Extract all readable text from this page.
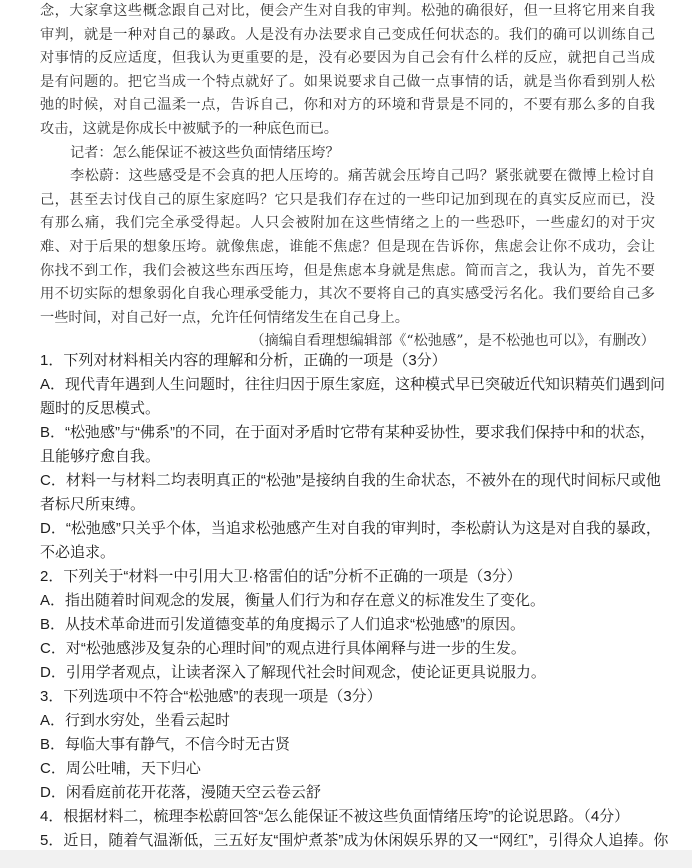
念，大家拿这些概念跟自己对比，便会产生对自我的审判。松弛的确很好，但一旦将它用来自我
审判，就是一种对自己的暴政。人是没有办法要求自己变成任何状态的。我们的确可以训练自己
对事情的反应适度，但我认为更重要的是，没有必要因为自己会有什么样的反应，就把自己当成
是有问题的。把它当成一个特点就好了。如果说要求自己做一点事情的话，就是当你看到别人松
弛的时候，对自己温柔一点，告诉自己，你和对方的环境和背景是不同的，不要有那么多的自我
攻击，这就是你成长中被赋予的一种底色而已。
记者：怎么能保证不被这些负面情绪压垮？
李松蔚：这些感受是不会真的把人压垮的。痛苦就会压垮自己吗？紧张就要在微博上检讨自
己，甚至去讨伐自己的原生家庭吗？它只是我们存在过的一些印记加到现在的真实反应而已，没
有那么痛，我们完全承受得起。人只会被附加在这些情绪之上的一些恐吓，一些虚幻的对于灾
难、对于后果的想象压垮。就像焦虑，谁能不焦虑？但是现在告诉你，焦虑会让你不成功，会让
你找不到工作，我们会被这些东西压垮，但是焦虑本身就是焦虑。简而言之，我认为，首先不要
用不切实际的想象弱化自我心理承受能力，其次不要将自己的真实感受污名化。我们要给自己多
一些时间，对自己好一点，允许任何情绪发生在自己身上。
（摘编自看理想编辑部《“松弛感”，是不松弛也可以》，有删改）
1．下列对材料相关内容的理解和分析，正确的一项是（3分）
A．现代青年遇到人生问题时，往往归因于原生家庭，这种模式早已突破近代知识精英们遇到问
题时的反思模式。
B．“松弛感”与“佛系”的不同，在于面对矛盾时它带有某种妥协性，要求我们保持中和的状态，
且能够疗愈自我。
C．材料一与材料二均表明真正的“松弛”是接纳自我的生命状态，不被外在的现代时间标尺或他
者标尺所束缚。
D．“松弛感”只关乎个体，当追求松弛感产生对自我的审判时，李松蔚认为这是对自我的暴政，
不必追求。
2．下列关于“材料一中引用大卫·格雷伯的话”分析不正确的一项是（3分）
A．指出随着时间观念的发展，衡量人们行为和存在意义的标准发生了变化。
B．从技术革命进而引发道德变革的角度揭示了人们追求“松弛感”的原因。
C．对“松弛感涉及复杂的心理时间”的观点进行具体阐释与进一步的生发。
D．引用学者观点，让读者深入了解现代社会时间观念，使论证更具说服力。
3．下列选项中不符合“松弛感”的表现一项是（3分）
A．行到水穷处，坐看云起时
B．每临大事有静气，不信今时无古贤
C．周公吐哺，天下归心
D．闲看庭前花开花落，漫随天空云卷云舒
4．根据材料二，梳理李松蔚回答“怎么能保证不被这些负面情绪压垮”的论说思路。（4分）
5．近日，随着气温渐低，三五好友“围炉煮茶”成为休闲娱乐界的又一“网红”，引得众人追捧。你
